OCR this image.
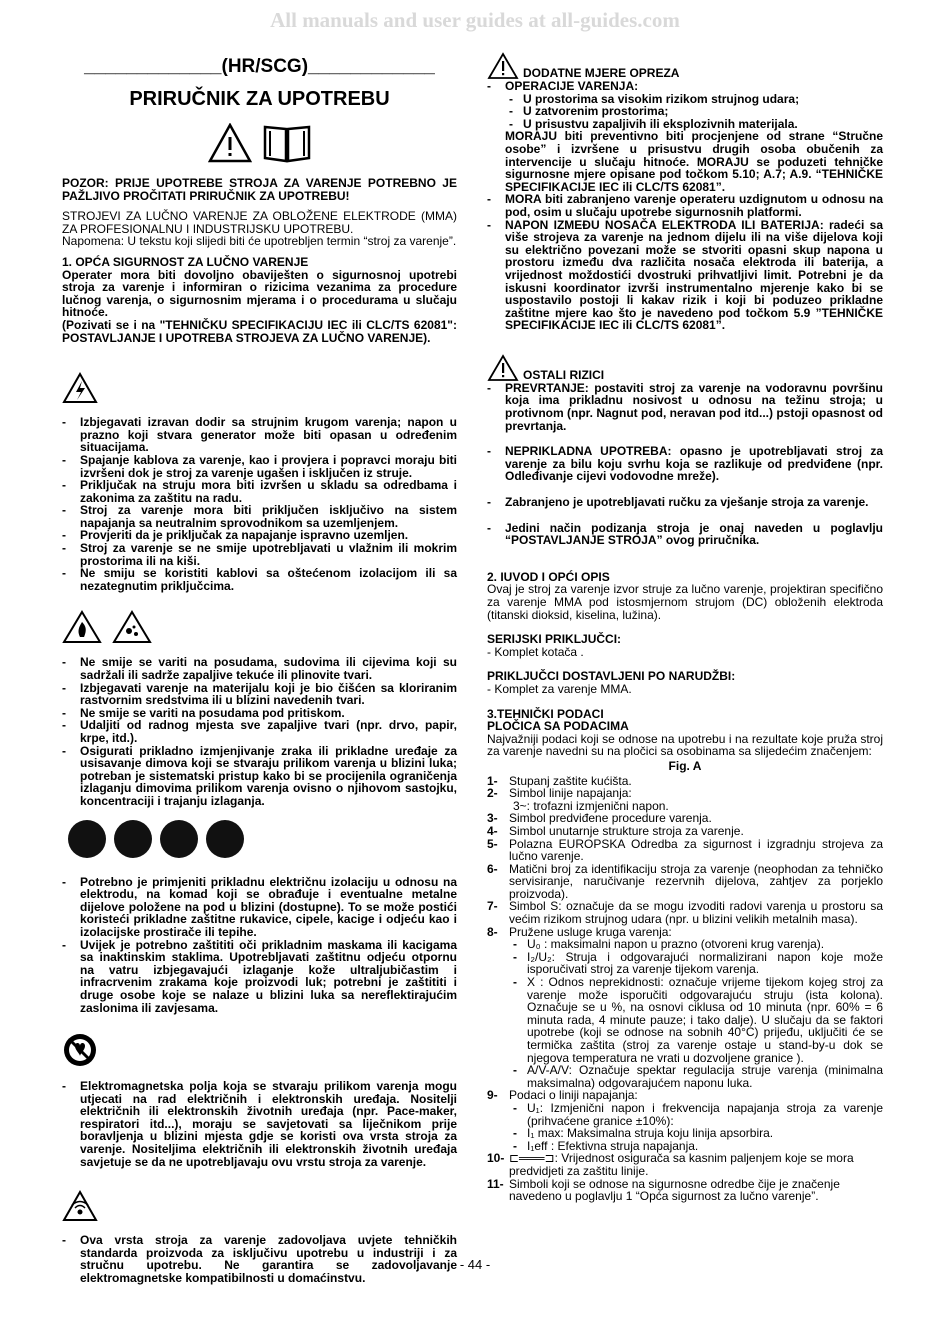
All manuals and user guides at all-guides.com
_____________(HR/SCG)____________
PRIRUČNIK ZA UPOTREBU

POZOR: PRIJE UPOTREBE STROJA ZA VARENJE POTREBNO JE PAŽLJIVO PROČITATI PRIRUČNIK ZA UPOTREBU!

STROJEVI ZA LUČNO VARENJE ZA OBLOŽENE ELEKTRODE (MMA) ZA PROFESIONALNU I INDUSTRIJSKU UPOTREBU.

Napomena: U tekstu koji slijedi biti će upotrebljen termin “stroj za varenje”.

1. OPĆA SIGURNOST ZA LUČNO VARENJE

Operater mora biti dovoljno obaviješten o sigurnosnoj upotrebi stroja za varenje i informiran o rizicima vezanima za procedure lučnog varenja, o sigurnosnim mjerama i o procedurama u slučaju hitnoće.

(Pozivati se i na "TEHNIČKU SPECIFIKACIJU IEC ili CLC/TS 62081": POSTAVLJANJE I UPOTREBA STROJEVA ZA LUČNO VARENJE).

- Izbjegavati izravan dodir sa strujnim krugom varenja; napon u prazno koji stvara generator može biti opasan u određenim situacijama.
- Spajanje kablova za varenje, kao i provjera i popravci moraju biti izvršeni dok je stroj za varenje ugašen i isključen iz struje.
- Priključak na struju mora biti izvršen u skladu sa odredbama i zakonima za zaštitu na radu.
- Stroj za varenje mora biti priključen isključivo na sistem napajanja sa neutralnim sprovodnikom sa uzemljenjem.
- Provjeriti da je priključak za napajanje ispravno uzemljen.
- Stroj za varenje se ne smije upotrebljavati u vlažnim ili mokrim prostorima ili na kiši.
- Ne smiju se koristiti kablovi sa oštećenom izolacijom ili sa nezategnutim priključcima.
- Ne smije se variti na posudama, sudovima ili cijevima koji su sadržali ili sadrže zapaljive tekuće ili plinovite tvari.
- Izbjegavati varenje na materijalu koji je bio čišćen sa kloriranim rastvornim sredstvima ili u blizini navedenih tvari.
- Ne smije se variti na posudama pod pritiskom.
- Udaljiti od radnog mjesta sve zapaljive tvari (npr. drvo, papir, krpe, itd.).
- Osigurati prikladno izmjenjivanje zraka ili prikladne uređaje za usisavanje dimova koji se stvaraju prilikom varenja u blizini luka; potreban je sistematski pristup kako bi se procijenila ograničenja izlaganju dimovima prilikom varenja ovisno o njihovom sastojku, koncentraciji i trajanju izlaganja.
- Potrebno je primjeniti prikladnu električnu izolaciju u odnosu na elektrodu, na komad koji se obrađuje i eventualne metalne dijelove položene na pod u blizini (dostupne). To se može postići koristeći prikladne zaštitne rukavice, cipele, kacige i odjeću kao i izolacijske prostirače ili tepihe.
- Uvijek je potrebno zaštititi oči prikladnim maskama ili kacigama sa inaktinskim staklima. Upotrebljavati zaštitnu odjeću otpornu na vatru izbjegavajući izlaganje kože ultraljubičastim i infracrvenim zrakama koje proizvodi luk; potrebni je zaštititi i druge osobe koje se nalaze u blizini luka sa nereflektirajućim zaslonima ili zavjesama.
- Elektromagnetska polja koja se stvaraju prilikom varenja mogu utjecati na rad električnih i elektronskih uređaja. Nositelji električnih ili elektronskih životnih uređaja (npr. Pace-maker, respiratori itd...), moraju se savjetovati sa liječnikom prije boravljenja u blizini mjesta gdje se koristi ova vrsta stroja za varenje. Nositeljima električnih ili elektronskih životnih uređaja savjetuje se da ne upotrebljavaju ovu vrstu stroja za varenje.
- Ova vrsta stroja za varenje zadovoljava uvjete tehničkih standarda proizvoda za isključivu upotrebu u industriji i za stručnu upotrebu. Ne garantira se zadovoljavanje elektromagnetske kompatibilnosti u domaćinstvu.

DODATNE MJERE OPREZA

- OPERACIJE VARENJA:
- U prostorima sa visokim rizikom strujnog udara;
- U zatvorenim prostorima;
- U prisustvu zapaljivih ili eksplozivnih materijala.
MORAJU biti preventivno biti procjenjene od strane “Stručne osobe” i izvršene u prisustvu drugih osoba obučenih za intervencije u slučaju hitnoće. MORAJU se poduzeti tehničke sigurnosne mjere opisane pod točkom 5.10; A.7; A.9. “TEHNIČKE SPECIFIKACIJE IEC ili CLC/TS 62081”.
- MORA biti zabranjeno varenje operateru uzdignutom u odnosu na pod, osim u slučaju upotrebe sigurnosnih platformi.
- NAPON IZMEĐU NOSAČA ELEKTRODA ILI BATERIJA: radeći sa više strojeva za varenje na jednom dijelu ili na više dijelova koji su električno povezani može se stvoriti opasni skup napona u prostoru između dva različita nosača elektroda ili baterija, a vrijednost moždostići dvostruki prihvatljivi limit. Potrebni je da iskusni koordinator izvrši instrumentalno mjerenje kako bi se uspostavilo postoji li kakav rizik i koji bi poduzeo prikladne zaštitne mjere kao što je navedeno pod točkom 5.9 ”TEHNIČKE SPECIFIKACIJE IEC ili CLC/TS 62081”.

OSTALI RIZICI

- PREVRTANJE: postaviti stroj za varenje na vodoravnu površinu koja ima prikladnu nosivost u odnosu na težinu stroja; u protivnom (npr. Nagnut pod, neravan pod itd...) pstoji opasnost od prevrtanja.
- NEPRIKLADNA UPOTREBA: opasno je upotrebljavati stroj za varenje za bilu koju svrhu koja se razlikuje od predviđene (npr. Odleđivanje cijevi vodovodne mreže).
- Zabranjeno je upotrebljavati ručku za vješanje stroja za varenje.
- Jedini način podizanja stroja je onaj naveden u poglavlju “POSTAVLJANJE STROJA” ovog priručnika.

2. IUVOD I OPĆI OPIS

Ovaj je stroj za varenje izvor struje za lučno varenje, projektiran specifično za varenje MMA pod istosmjernom strujom (DC) obloženih elektroda (titanski dioksid, kiselina, lužina).

SERIJSKI PRIKLJUČCI:

- Komplet kotača .

PRIKLJUČCI DOSTAVLJENI PO NARUDŽBI:

- Komplet za varenje MMA.

3.TEHNIČKI PODACI

PLOČICA SA PODACIMA

Najvažniji podaci koji se odnose na upotrebu i na rezultate koje pruža stroj za varenje navedni su na pločici sa osobinama sa slijedećim značenjem:

Fig. A

1- Stupanj zaštite kućišta.
2- Simbol linije napajanja:
3~: trofazni izmjenični napon.
3- Simbol predviđene procedure varenja.
4- Simbol unutarnje strukture stroja za varenje.
5- Polazna EUROPSKA Odredba za sigurnost i izgradnju strojeva za lučno varenje.
6- Matični broj za identifikaciju stroja za varenje (neophodan za tehničko servisiranje, naručivanje rezervnih dijelova, zahtjev za porjeklo proizvoda).
7- Simbol S: označuje da se mogu izvoditi radovi varenja u prostoru sa većim rizikom strujnog udara (npr. u blizini velikih metalnih masa).
8- Pružene usluge kruga varenja:
- U₀ : maksimalni napon u prazno (otvoreni krug varenja).
- I₂/U₂: Struja i odgovarajući normalizirani napon koje može isporučivati stroj za varenje tijekom varenja.
- X : Odnos neprekidnosti: označuje vrijeme tijekom kojeg stroj za varenje može isporučiti odgovarajuću struju (ista kolona). Označuje se u %, na osnovi ciklusa od 10 minuta (npr. 60% = 6 minuta rada, 4 minute pauze; i tako dalje). U slučaju da se faktori upotrebe (koji se odnose na sobnih 40°C) prijeđu, uključiti će se termička zaštita (stroj za varenje ostaje u stand-by-u dok se njegova temperatura ne vrati u dozvoljene granice ).
- A/V-A/V: Označuje spektar regulacija struje varenja (minimalna maksimalna) odgovarajućem naponu luka.
9- Podaci o liniji napajanja:
- U₁: Izmjenični napon i frekvencija napajanja stroja za varenje (prihvaćene granice ±10%):
- I₁ max: Maksimalna struja koju linija apsorbira.
- I₁eff : Efektivna struja napajanja.
10- ⊏═══⊐: Vrijednost osigurača sa kasnim paljenjem koje se mora predvidjeti za zaštitu linije.
11- Simboli koji se odnose na sigurnosne odredbe čije je značenje navedeno u poglavlju 1 “Opća sigurnost za lučno varenje”.
- 44 -
